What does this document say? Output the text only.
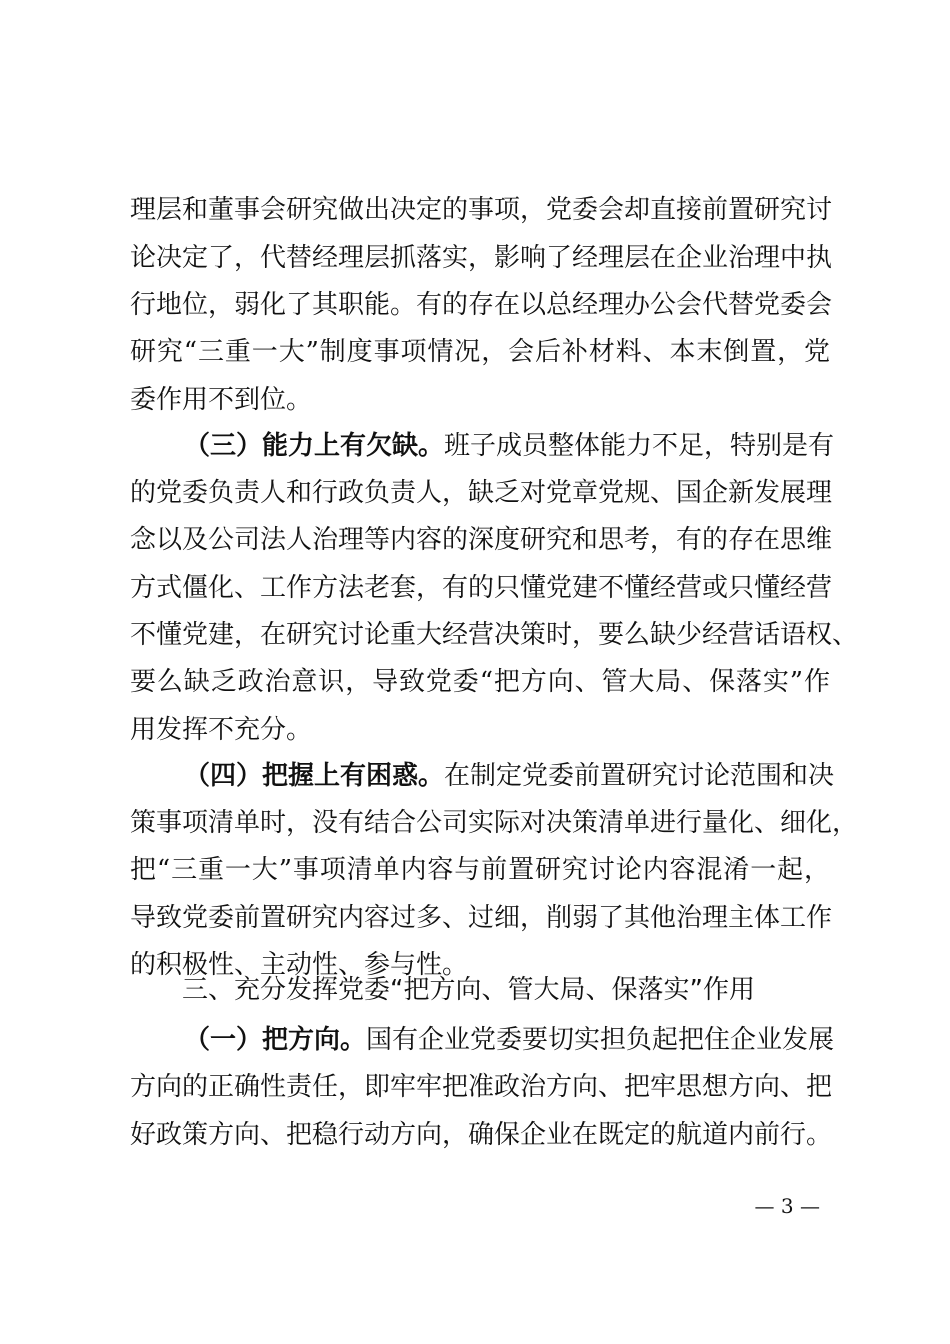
理层和董事会研究做出决定的事项，党委会却直接前置研究讨
论决定了，代替经理层抓落实，影响了经理层在企业治理中执
行地位，弱化了其职能。有的存在以总经理办公会代替党委会
研究“三重一大”制度事项情况，会后补材料、本末倒置，党
委作用不到位。
（三）能力上有欠缺。班子成员整体能力不足，特别是有
的党委负责人和行政负责人，缺乏对党章党规、国企新发展理
念以及公司法人治理等内容的深度研究和思考，有的存在思维
方式僵化、工作方法老套，有的只懂党建不懂经营或只懂经营
不懂党建，在研究讨论重大经营决策时，要么缺少经营话语权、
要么缺乏政治意识，导致党委“把方向、管大局、保落实”作
用发挥不充分。
（四）把握上有困惑。在制定党委前置研究讨论范围和决
策事项清单时，没有结合公司实际对决策清单进行量化、细化，
把“三重一大”事项清单内容与前置研究讨论内容混淆一起，
导致党委前置研究内容过多、过细，削弱了其他治理主体工作
的积极性、主动性、参与性。
三、充分发挥党委“把方向、管大局、保落实”作用
（一）把方向。国有企业党委要切实担负起把住企业发展
方向的正确性责任，即牢牢把准政治方向、把牢思想方向、把
好政策方向、把稳行动方向，确保企业在既定的航道内前行。
— 3 —
